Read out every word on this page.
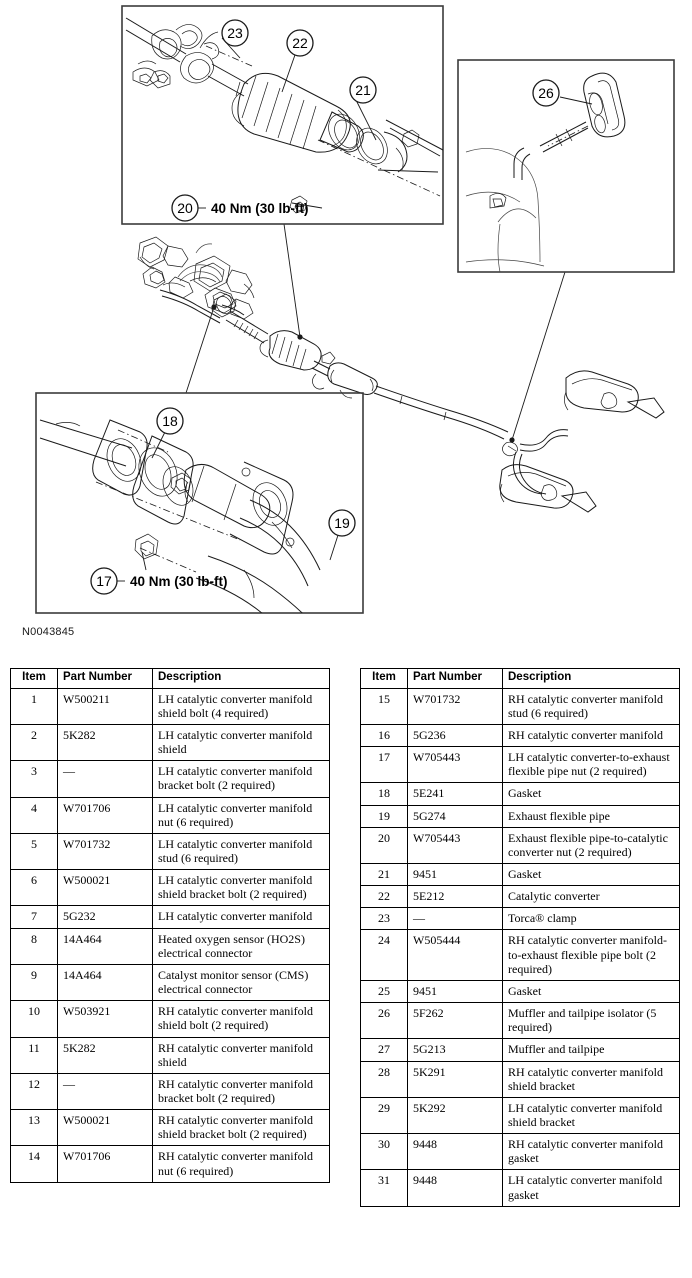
23
22
21
20 40 Nm (30 lb-ft)
26
18
19
17 40 Nm (30 lb-ft)
N0043845
Item	Part Number	Description
1	W500211	LH catalytic converter manifold shield bolt (4 required)
2	5K282	LH catalytic converter manifold shield
3	—	LH catalytic converter manifold bracket bolt (2 required)
4	W701706	LH catalytic converter manifold nut (6 required)
5	W701732	LH catalytic converter manifold stud (6 required)
6	W500021	LH catalytic converter manifold shield bracket bolt (2 required)
7	5G232	LH catalytic converter manifold
8	14A464	Heated oxygen sensor (HO2S) electrical connector
9	14A464	Catalyst monitor sensor (CMS) electrical connector
10	W503921	RH catalytic converter manifold shield bolt (2 required)
11	5K282	RH catalytic converter manifold shield
12	—	RH catalytic converter manifold bracket bolt (2 required)
13	W500021	RH catalytic converter manifold shield bracket bolt (2 required)
14	W701706	RH catalytic converter manifold nut (6 required)
Item	Part Number	Description
15	W701732	RH catalytic converter manifold stud (6 required)
16	5G236	RH catalytic converter manifold
17	W705443	LH catalytic converter-to-exhaust flexible pipe nut (2 required)
18	5E241	Gasket
19	5G274	Exhaust flexible pipe
20	W705443	Exhaust flexible pipe-to-catalytic converter nut (2 required)
21	9451	Gasket
22	5E212	Catalytic converter
23	—	Torca® clamp
24	W505444	RH catalytic converter manifold-to-exhaust flexible pipe bolt (2 required)
25	9451	Gasket
26	5F262	Muffler and tailpipe isolator (5 required)
27	5G213	Muffler and tailpipe
28	5K291	RH catalytic converter manifold shield bracket
29	5K292	LH catalytic converter manifold shield bracket
30	9448	RH catalytic converter manifold gasket
31	9448	LH catalytic converter manifold gasket
